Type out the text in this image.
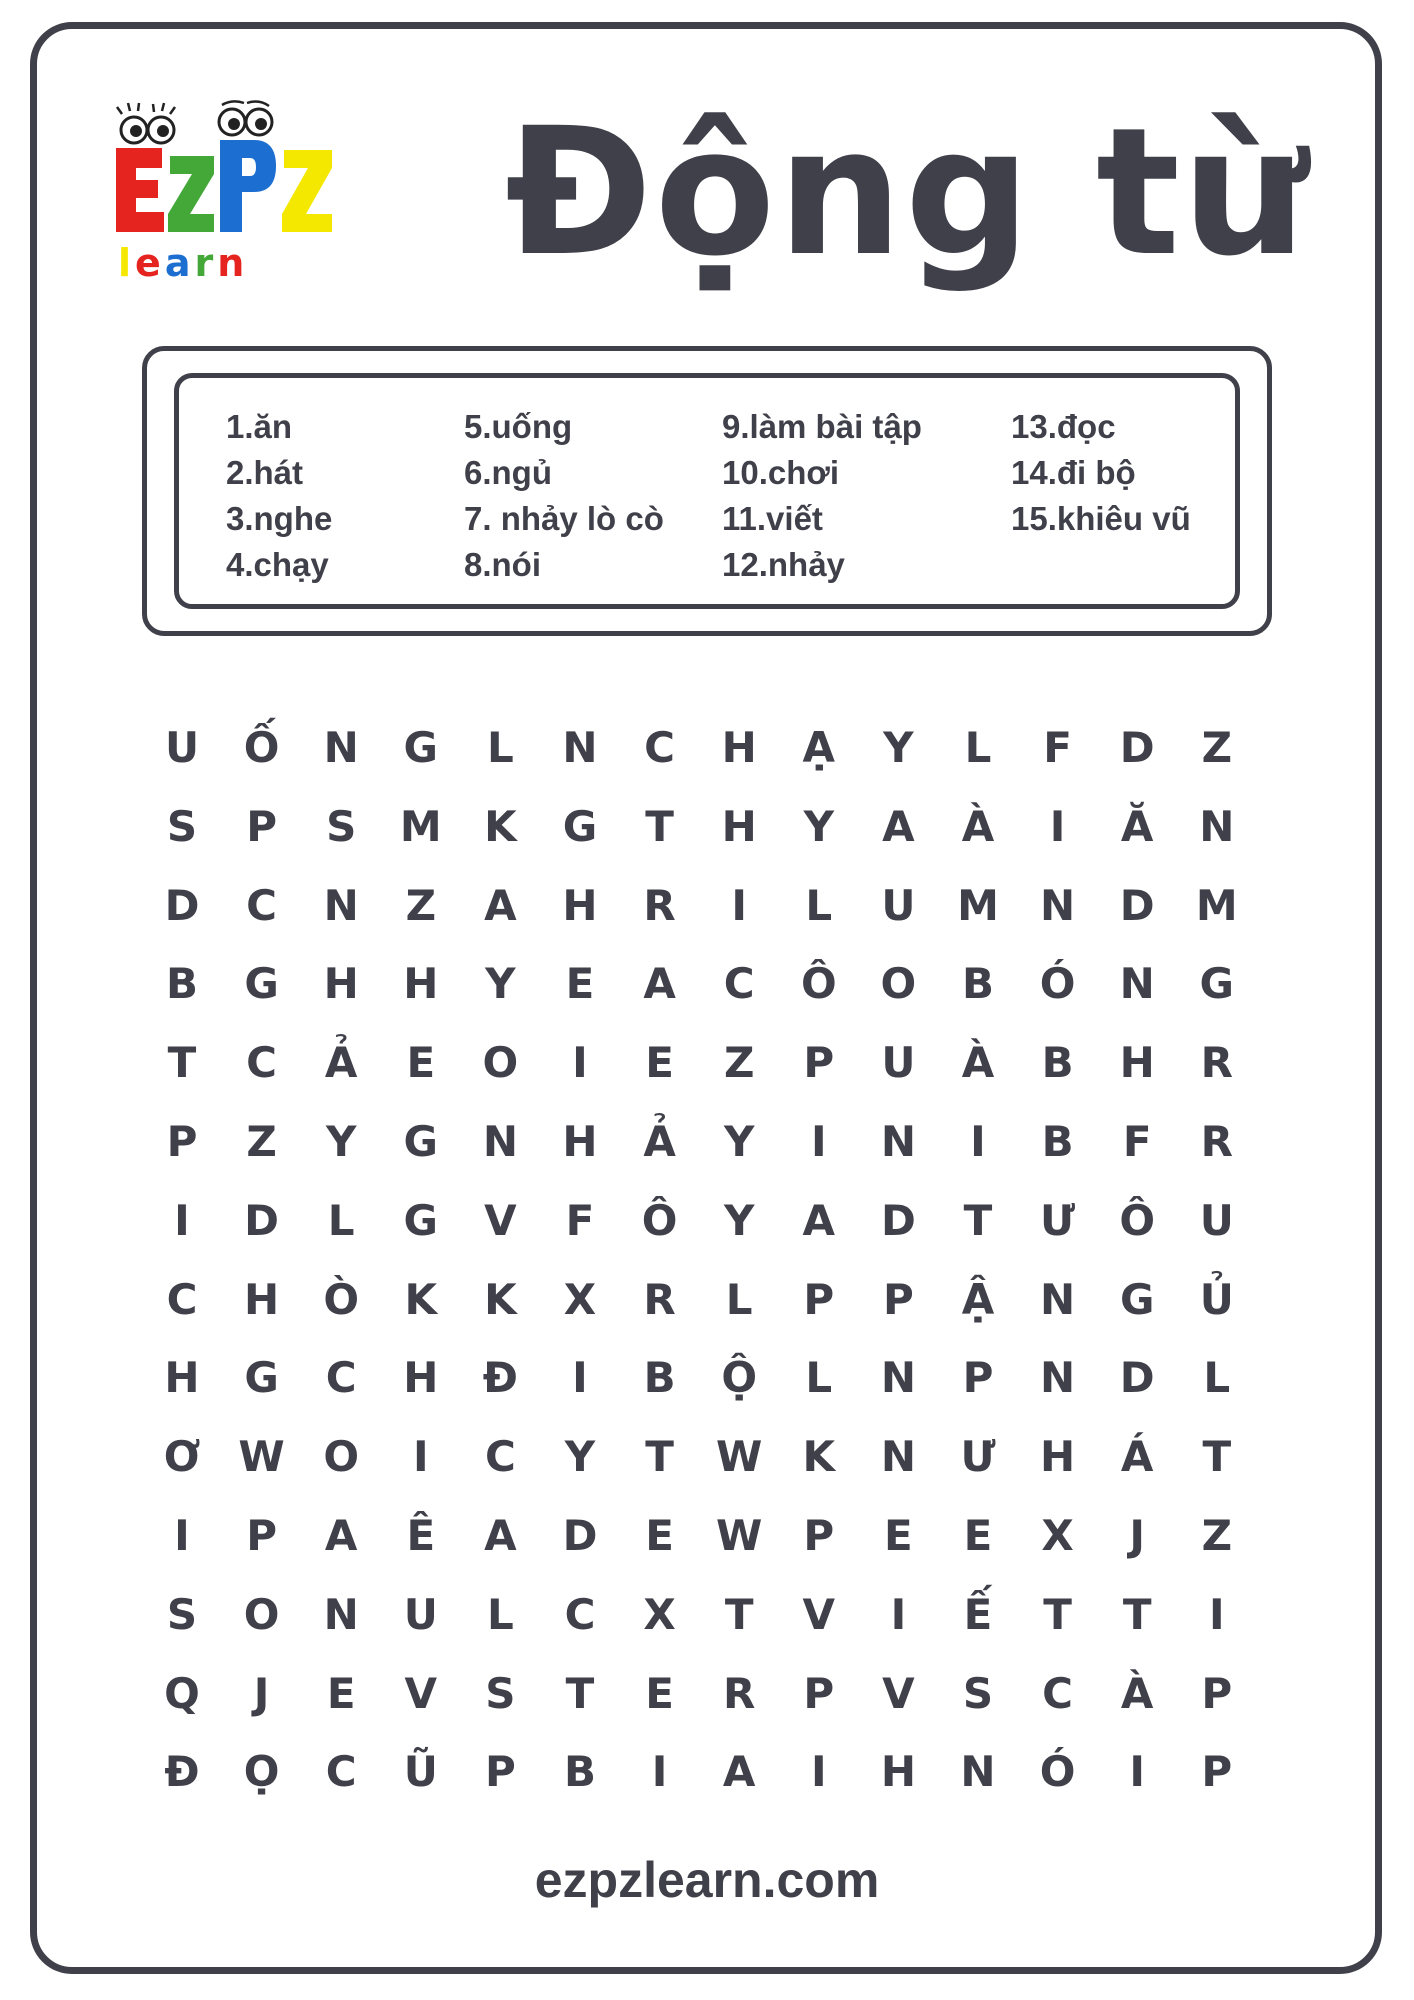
learn Động từ
1.ăn
2.hát
3.nghe
4.chạy
5.uống
6.ngủ
7. nhảy lò cò
8.nói
9.làm bài tập
10.chơi
11.viết
12.nhảy
13.đọc
14.đi bộ
15.khiêu vũ
U	Ố	N	G	L	N	C	H	Ạ	Y	L	F	D	Z
S	P	S	M	K	G	T	H	Y	A	À	I	Ă	N
D	C	N	Z	A	H	R	I	L	U M N	D M
B	G	H	H	Y	E	A	C	Ô	O	B	Ó	N	G
T	C	Ả	E	O	I	E	Z	P	U	À	B	H	R
P	Z	Y	G	N	H	Ả	Y	I	N	I	B	F	R
I	D	L	G	V	F	Ô	Y	A	D	T	Ư	Ô	U
C	H	Ò	K	K	X	R	L	P	P	Ậ	N	G	Ủ
H	G	C	H	Đ	I	B	Ộ	L	N	P	N	D	L
Ơ W O	I	C	Y	T	W K	N	Ư	H	Á	T
I	P	A	Ê	A	D	E	W P	E	E	X	J	Z
S	O	N	U	L	C	X	T	V	I	Ế	T	T	I
Q	J	E	V	S	T	E	R	P	V	S	C	À	P
Đ	Ọ	C	Ũ	P	B	I	A	I	H	N	Ó	I	P
ezpzlearn.com
